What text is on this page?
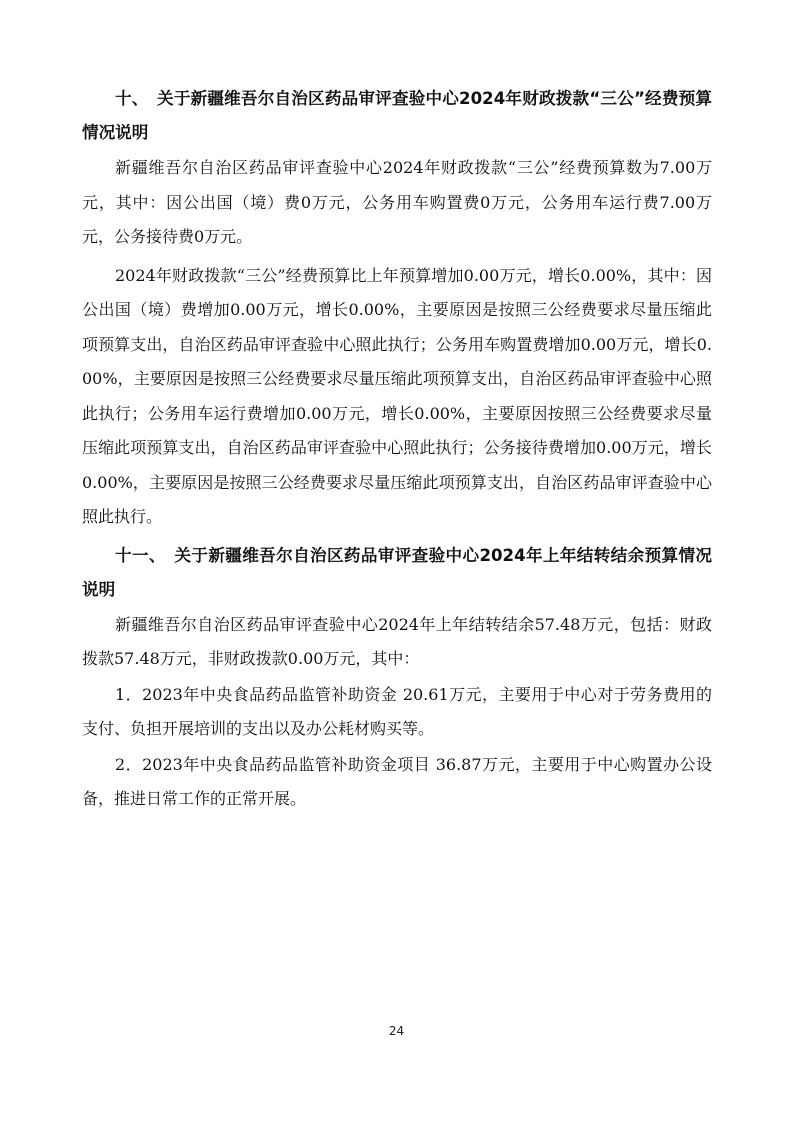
十、　关于新疆维吾尔自治区药品审评查验中心2024年财政拨款“三公”经费预算情况说明

新疆维吾尔自治区药品审评查验中心2024年财政拨款“三公”经费预算数为7.00万元，其中：因公出国（境）费0万元，公务用车购置费0万元，公务用车运行费7.00万元，公务接待费0万元。

2024年财政拨款“三公”经费预算比上年预算增加0.00万元，增长0.00%，其中：因公出国（境）费增加0.00万元，增长0.00%，主要原因是按照三公经费要求尽量压缩此项预算支出，自治区药品审评查验中心照此执行；公务用车购置费增加0.00万元，增长0.00%，主要原因是按照三公经费要求尽量压缩此项预算支出，自治区药品审评查验中心照此执行；公务用车运行费增加0.00万元，增长0.00%，主要原因按照三公经费要求尽量压缩此项预算支出，自治区药品审评查验中心照此执行；公务接待费增加0.00万元，增长0.00%，主要原因是按照三公经费要求尽量压缩此项预算支出，自治区药品审评查验中心照此执行。

十一、　关于新疆维吾尔自治区药品审评查验中心2024年上年结转结余预算情况说明

新疆维吾尔自治区药品审评查验中心2024年上年结转结余57.48万元，包括：财政拨款57.48万元，非财政拨款0.00万元，其中：

1．2023年中央食品药品监管补助资金 20.61万元，主要用于中心对于劳务费用的支付、负担开展培训的支出以及办公耗材购买等。

2．2023年中央食品药品监管补助资金项目 36.87万元，主要用于中心购置办公设备，推进日常工作的正常开展。

24
